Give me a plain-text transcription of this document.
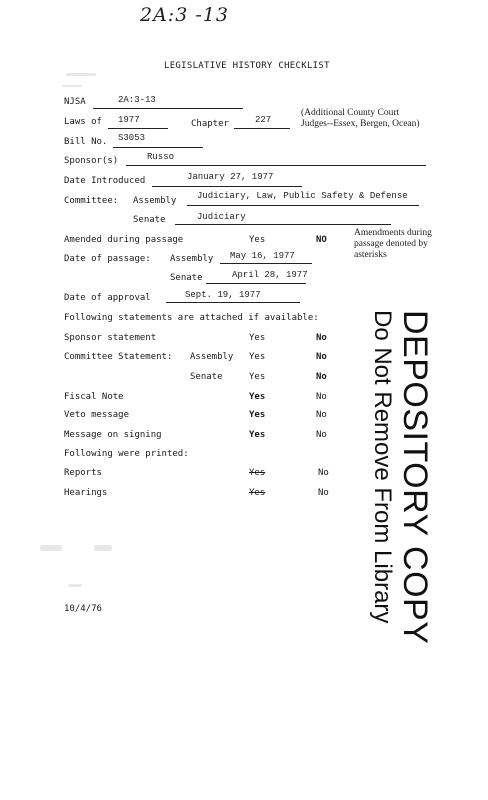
2A:3 -13
LEGISLATIVE HISTORY CHECKLIST
NJSA	2A:3-13
Laws of 1977	Chapter	227
(Additional County Court
Judges--Essex, Bergen, Ocean)
Bill No. S3053
Sponsor(s)	Russo
Date Introduced	January 27, 1977
Committee: Assembly Judiciary, Law, Public Safety & Defense
Senate	Judiciary
Amended during passage	Yes	NO
Amendments during
passage denoted by
asterisks
Date of passage: Assembly May 16, 1977
Senate	April 28, 1977
Date of approval	Sept. 19, 1977
Following statements are attached if available:
Sponsor statement	Yes	No
Committee Statement: Assembly Yes	No
Senate	Yes	No
Fiscal Note	Yes	No
Veto message	Yes	No
Message on signing	Yes	No
Following were printed:
Reports	Yes	No
Hearings	Yes	No DEPOSITORY COPY
Do Not Remove From Library
10/4/76
